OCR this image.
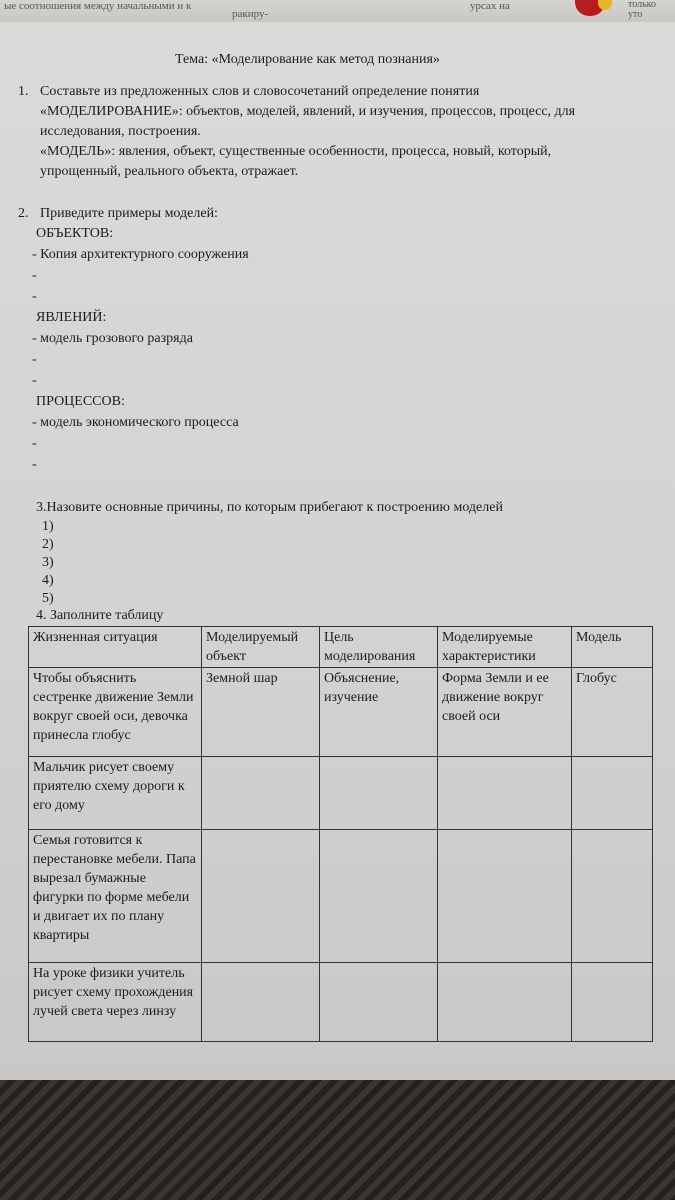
ые соотношения между начальными и к
ракиру-
урсах на	только
уто
Тема: «Моделирование как метод познания»
1. Составьте из предложенных слов и словосочетаний определение понятия
«МОДЕЛИРОВАНИЕ»: объектов, моделей, явлений, и изучения, процессов, процесс, для
исследования, построения.
«МОДЕЛЬ»: явления, объект, существенные особенности, процесса, новый, который,
упрощенный, реального объекта, отражает.
2. Приведите примеры моделей:
ОБЪЕКТОВ:
- Копия архитектурного сооружения
-
-
ЯВЛЕНИЙ:
- модель грозового разряда
-
-
ПРОЦЕССОВ:
- модель экономического процесса
-
-
3.Назовите основные причины, по которым прибегают к построению моделей
1)
2)
3)
4)
5)
4. Заполните таблицу
Жизненная ситуация	Моделируемый объект	Цель моделирования	Моделируемые характеристики	Модель
Чтобы объяснить сестренке движение Земли вокруг своей оси, девочка принесла глобус	Земной шар	Объяснение, изучение	Форма Земли и ее движение вокруг своей оси	Глобус
Мальчик рисует своему приятелю схему дороги к его дому				
Семья готовится к перестановке мебели. Папа вырезал бумажные фигурки по форме мебели и двигает их по плану квартиры				
На уроке физики учитель рисует схему прохождения лучей света через линзу				
